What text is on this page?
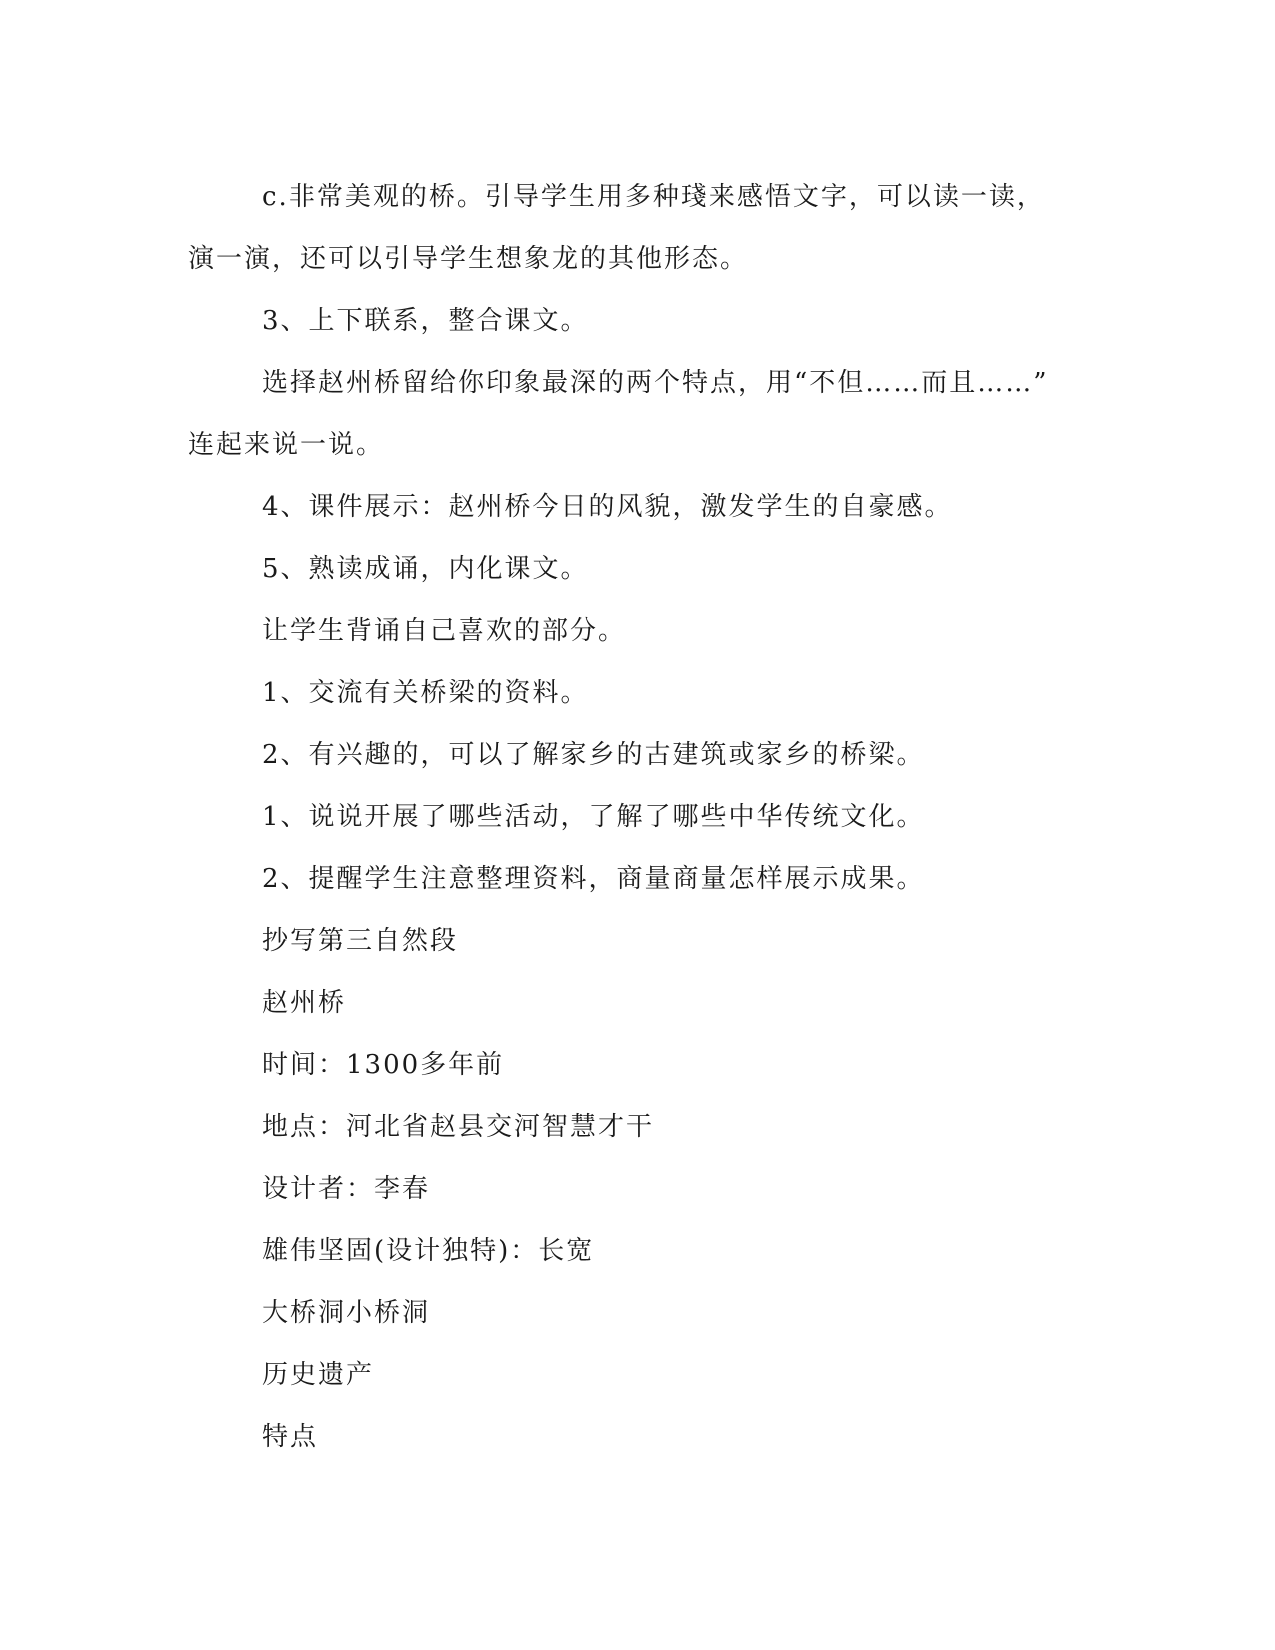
c.非常美观的桥。引导学生用多种琖来感悟文字，可以读一读，
演一演，还可以引导学生想象龙的其他形态。
3、上下联系，整合课文。
选择赵州桥留给你印象最深的两个特点，用“不但……而且……”
连起来说一说。
4、课件展示：赵州桥今日的风貌，激发学生的自豪感。
5、熟读成诵，内化课文。
让学生背诵自己喜欢的部分。
1、交流有关桥梁的资料。
2、有兴趣的，可以了解家乡的古建筑或家乡的桥梁。
1、说说开展了哪些活动，了解了哪些中华传统文化。
2、提醒学生注意整理资料，商量商量怎样展示成果。
抄写第三自然段
赵州桥
时间：1300多年前
地点：河北省赵县交河智慧才干
设计者：李春
雄伟坚固(设计独特)：长宽
大桥洞小桥洞
历史遗产
特点
